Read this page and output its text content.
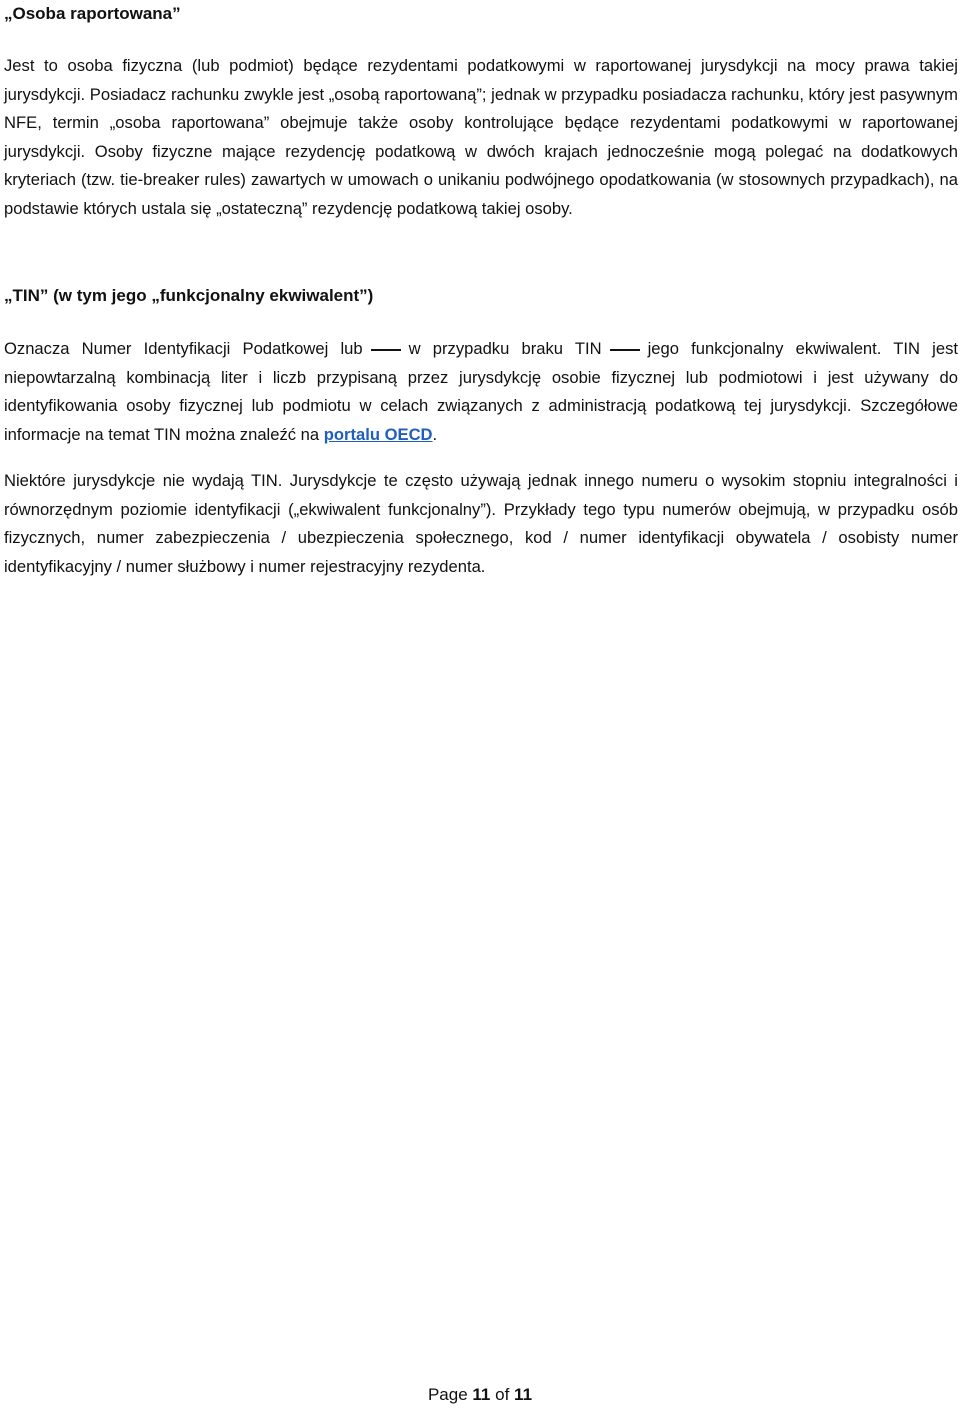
„Osoba raportowana”

Jest to osoba fizyczna (lub podmiot) będące rezydentami podatkowymi w raportowanej jurysdykcji na mocy prawa takiej jurysdykcji. Posiadacz rachunku zwykle jest „osobą raportowaną”; jednak w przypadku posiadacza rachunku, który jest pasywnym NFE, termin „osoba raportowana” obejmuje także osoby kontrolujące będące rezydentami podatkowymi w raportowanej jurysdykcji. Osoby fizyczne mające rezydencję podatkową w dwóch krajach jednocześnie mogą polegać na dodatkowych kryteriach (tzw. tie-breaker rules) zawartych w umowach o unikaniu podwójnego opodatkowania (w stosownych przypadkach), na podstawie których ustala się „ostateczną” rezydencję podatkową takiej osoby.

„TIN” (w tym jego „funkcjonalny ekwiwalent”)

Oznacza Numer Identyfikacji Podatkowej lub	w przypadku braku TIN	jego funkcjonalny ekwiwalent. TIN jest niepowtarzalną kombinacją liter i liczb przypisaną przez jurysdykcję osobie fizycznej lub podmiotowi i jest używany do identyfikowania osoby fizycznej lub podmiotu w celach związanych z administracją podatkową tej jurysdykcji. Szczegółowe informacje na temat TIN można znaleźć na portalu OECD.

Niektóre jurysdykcje nie wydają TIN. Jurysdykcje te często używają jednak innego numeru o wysokim stopniu integralności i równorzędnym poziomie identyfikacji („ekwiwalent funkcjonalny”). Przykłady tego typu numerów obejmują, w przypadku osób fizycznych, numer zabezpieczenia / ubezpieczenia społecznego, kod / numer identyfikacji obywatela / osobisty numer identyfikacyjny / numer służbowy i numer rejestracyjny rezydenta.

Page 11 of 11
